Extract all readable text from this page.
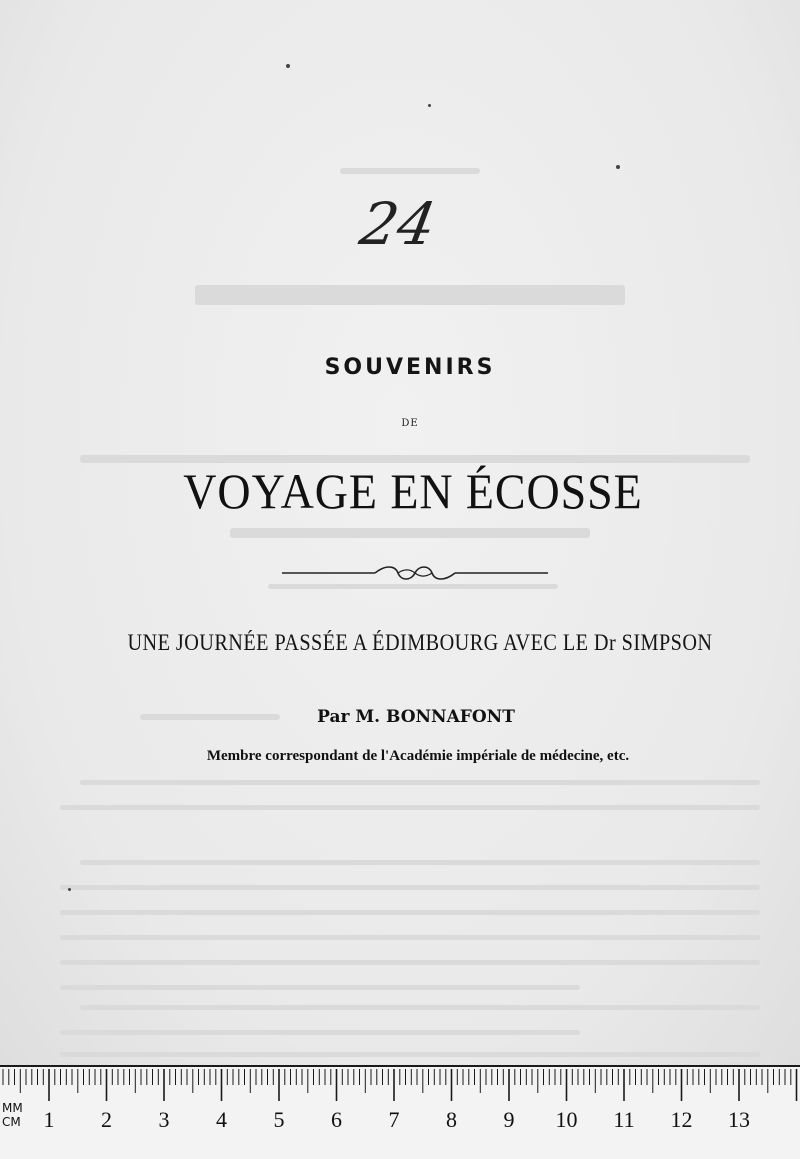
24
SOUVENIRS
DE
VOYAGE EN ÉCOSSE
UNE JOURNÉE PASSÉE A ÉDIMBOURG AVEC LE Dr SIMPSON
Par M. BONNAFONT
Membre correspondant de l'Académie impériale de médecine, etc.
MM
CM 1 2 3 4 5 6 7 8 9 10 11 12 13
